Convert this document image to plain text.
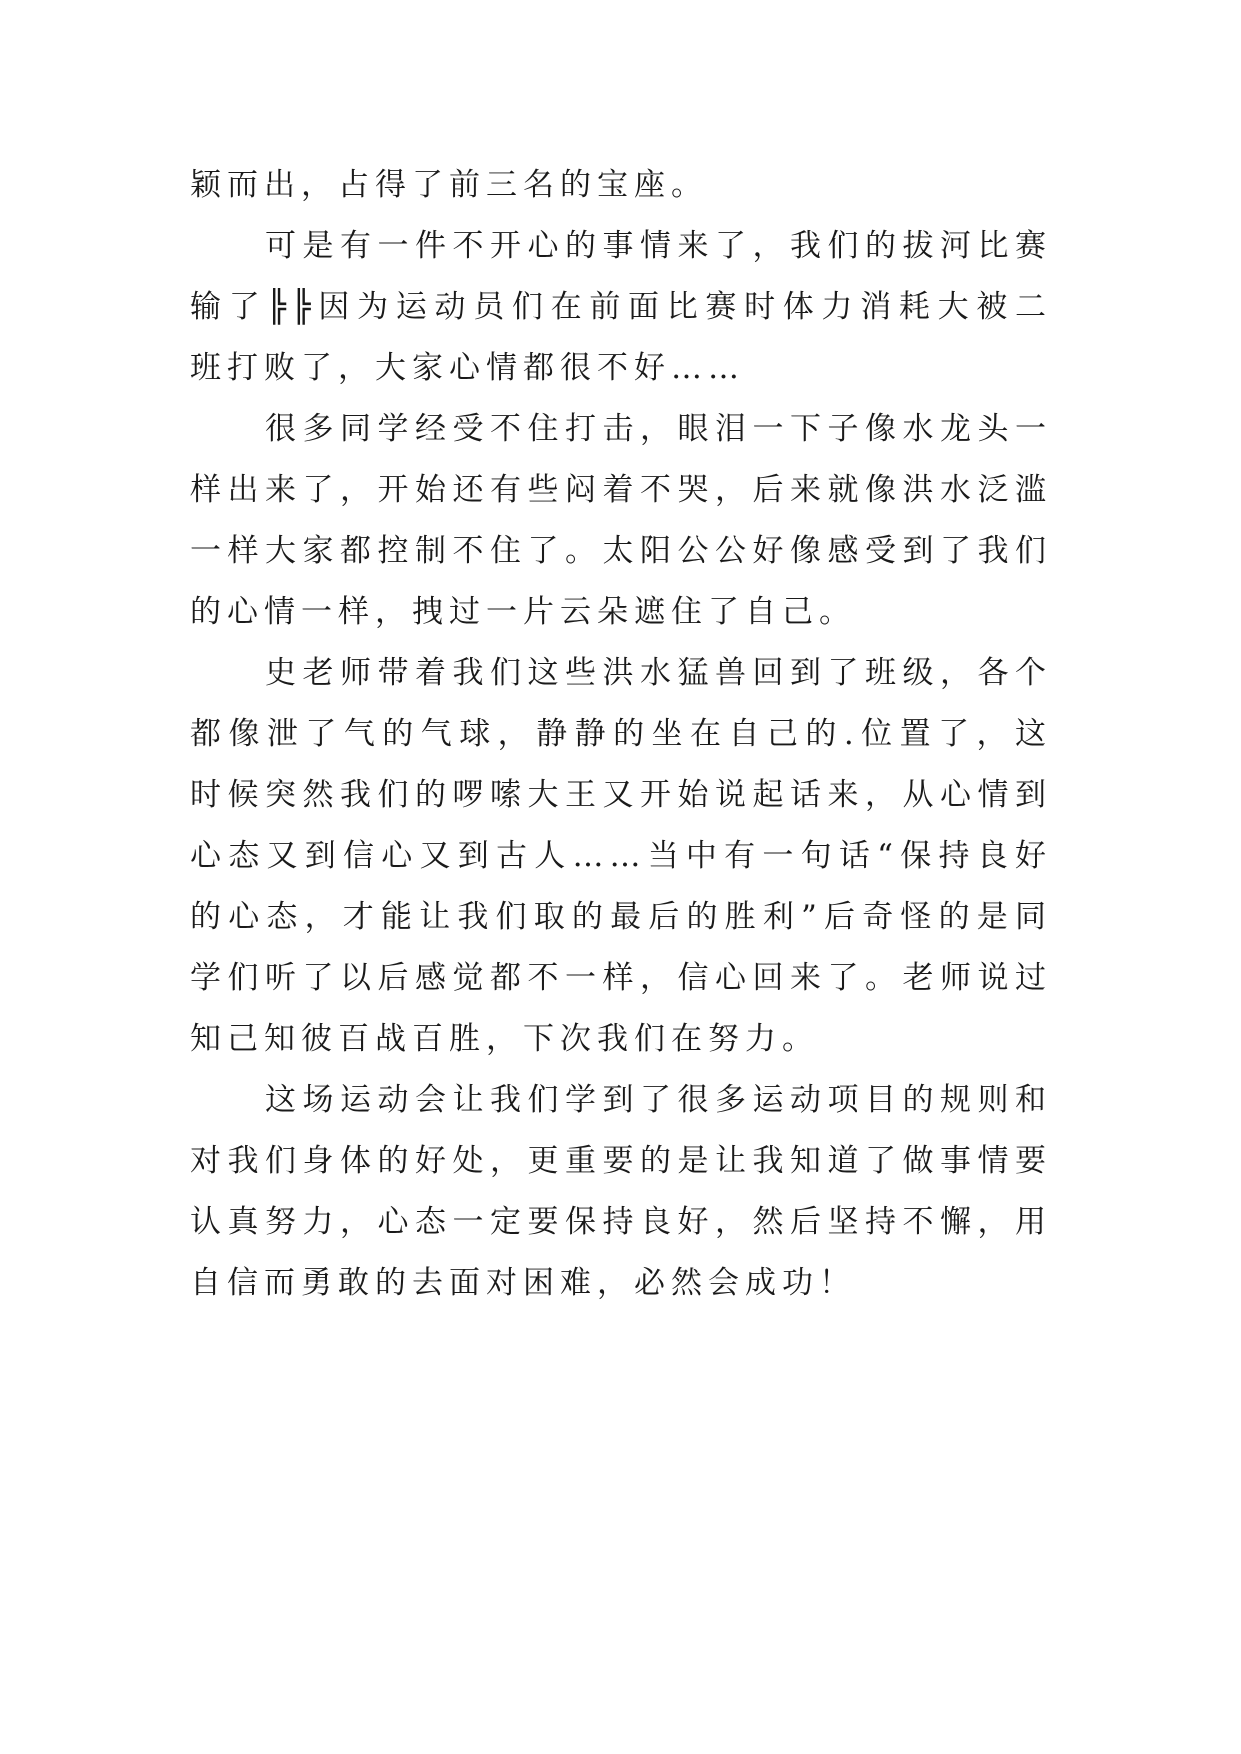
颖而出，占得了前三名的宝座。

　　可是有一件不开心的事情来了，我们的拔河比赛输了╠╠因为运动员们在前面比赛时体力消耗大被二班打败了，大家心情都很不好……

　　很多同学经受不住打击，眼泪一下子像水龙头一样出来了，开始还有些闷着不哭，后来就像洪水泛滥一样大家都控制不住了。太阳公公好像感受到了我们的心情一样，拽过一片云朵遮住了自己。

　　史老师带着我们这些洪水猛兽回到了班级，各个都像泄了气的气球，静静的坐在自己的.位置了，这时候突然我们的啰嗦大王又开始说起话来，从心情到心态又到信心又到古人……当中有一句话“保持良好的心态，才能让我们取的最后的胜利”后奇怪的是同学们听了以后感觉都不一样，信心回来了。老师说过知己知彼百战百胜，下次我们在努力。

　　这场运动会让我们学到了很多运动项目的规则和对我们身体的好处，更重要的是让我知道了做事情要认真努力，心态一定要保持良好，然后坚持不懈，用自信而勇敢的去面对困难，必然会成功！
